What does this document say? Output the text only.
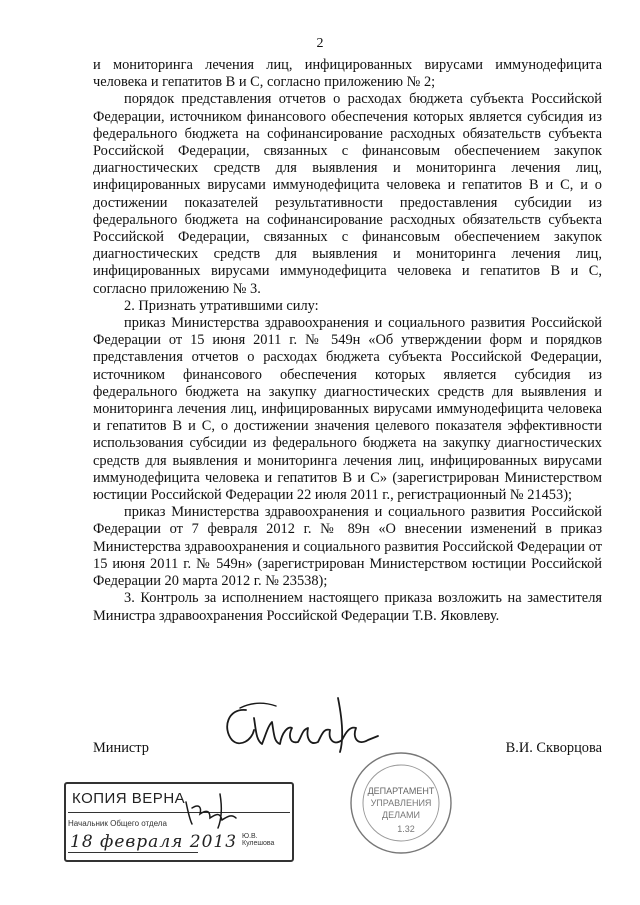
2

и мониторинга лечения лиц, инфицированных вирусами иммунодефицита человека и гепатитов В и С, согласно приложению № 2;

порядок представления отчетов о расходах бюджета субъекта Российской Федерации, источником финансового обеспечения которых является субсидия из федерального бюджета на софинансирование расходных обязательств субъекта Российской Федерации, связанных с финансовым обеспечением закупок диагностических средств для выявления и мониторинга лечения лиц, инфицированных вирусами иммунодефицита человека и гепатитов В и С, и о достижении показателей результативности предоставления субсидии из федерального бюджета на софинансирование расходных обязательств субъекта Российской Федерации, связанных с финансовым обеспечением закупок диагностических средств для выявления и мониторинга лечения лиц, инфицированных вирусами иммунодефицита человека и гепатитов В и С, согласно приложению № 3.

2. Признать утратившими силу:

приказ Министерства здравоохранения и социального развития Российской Федерации от 15 июня 2011 г. № 549н «Об утверждении форм и порядков представления отчетов о расходах бюджета субъекта Российской Федерации, источником финансового обеспечения которых является субсидия из федерального бюджета на закупку диагностических средств для выявления и мониторинга лечения лиц, инфицированных вирусами иммунодефицита человека и гепатитов В и С, о достижении значения целевого показателя эффективности использования субсидии из федерального бюджета на закупку диагностических средств для выявления и мониторинга лечения лиц, инфицированных вирусами иммунодефицита человека и гепатитов В и С» (зарегистрирован Министерством юстиции Российской Федерации 22 июля 2011 г., регистрационный № 21453);

приказ Министерства здравоохранения и социального развития Российской Федерации от 7 февраля 2012 г. № 89н «О внесении изменений в приказ Министерства здравоохранения и социального развития Российской Федерации от 15 июня 2011 г. № 549н» (зарегистрирован Министерством юстиции Российской Федерации 20 марта 2012 г. № 23538);

3. Контроль за исполнением настоящего приказа возложить на заместителя Министра здравоохранения Российской Федерации Т.В. Яковлеву.

Министр	В.И. Скворцова
ДЕПАРТАМЕНТ
УПРАВЛЕНИЯ
ДЕЛАМИ
1.32
КОПИЯ ВЕРНА
Начальник Общего отдела
Ю.В. Кулешова
18 февраля 2013
